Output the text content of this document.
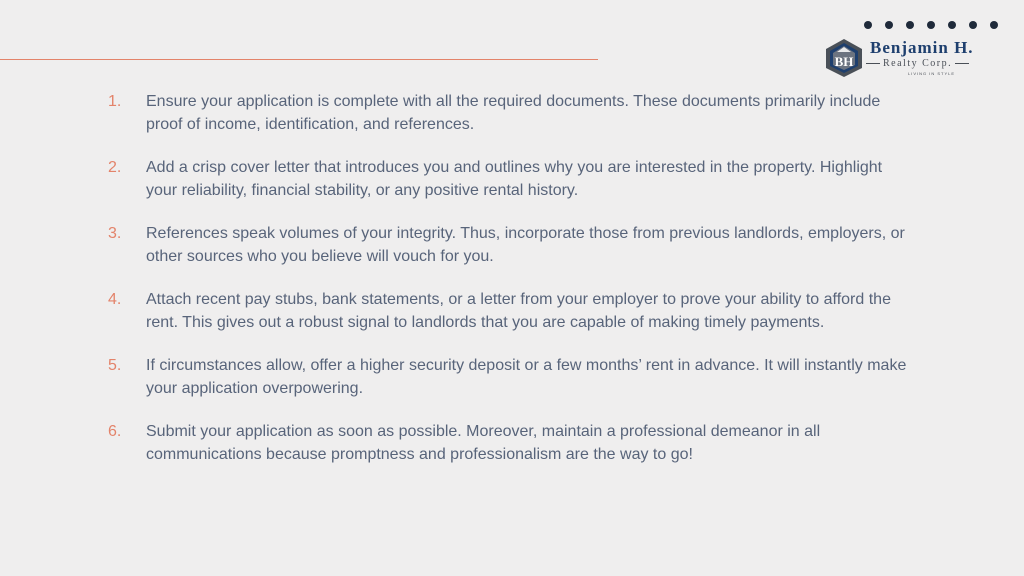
BH
Benjamin H.
Realty Corp.
LIVING IN STYLE
1.	Ensure your application is complete with all the required documents. These documents primarily include proof of income, identification, and references.
2.	Add a crisp cover letter that introduces you and outlines why you are interested in the property. Highlight your reliability, financial stability, or any positive rental history.
3.	References speak volumes of your integrity. Thus, incorporate those from previous landlords, employers, or other sources who you believe will vouch for you.
4.	Attach recent pay stubs, bank statements, or a letter from your employer to prove your ability to afford the rent. This gives out a robust signal to landlords that you are capable of making timely payments.
5.	If circumstances allow, offer a higher security deposit or a few months’ rent in advance. It will instantly make your application overpowering.
6.	Submit your application as soon as possible. Moreover, maintain a professional demeanor in all communications because promptness and professionalism are the way to go!
